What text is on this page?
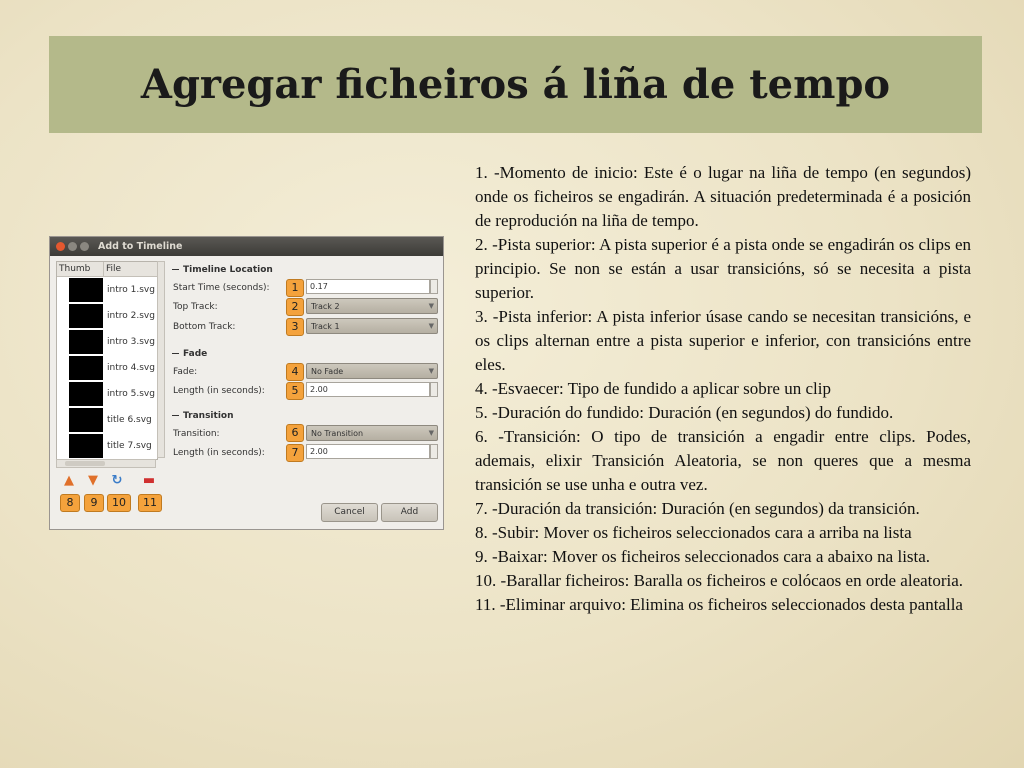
Agregar ficheiros á liña de tempo

1. -Momento de inicio: Este é o lugar na liña de tempo (en segundos) onde os ficheiros se engadirán. A situación predeterminada é a posición de reprodución na liña de tempo.

2. -Pista superior: A pista superior é a pista onde se engadirán os clips en principio. Se non se están a usar transicións, só se necesita a pista superior.

3. -Pista inferior: A pista inferior úsase cando se necesitan transicións, e os clips alternan entre a pista superior e inferior, con transicións entre eles.

4. -Esvaecer: Tipo de fundido a aplicar sobre un clip

5. -Duración do fundido: Duración (en segundos) do fundido.

6. -Transición: O tipo de transición a engadir entre clips. Podes, ademais, elixir Transición Aleatoria, se non queres que a mesma transición se use unha e outra vez.

7. -Duración da transición: Duración (en segundos) da transición.

8. -Subir: Mover os ficheiros seleccionados cara a arriba na lista

9. -Baixar: Mover os ficheiros seleccionados cara a abaixo na lista.

10. -Barallar ficheiros: Baralla os ficheiros e colócaos en orde aleatoria.

11. -Eliminar arquivo: Elimina os ficheiros seleccionados desta pantalla

Add to Timeline
Thumb	File
intro 1.svg
intro 2.svg
intro 3.svg
intro 4.svg
intro 5.svg
title 6.svg
title 7.svg
Timeline Location
Start Time (seconds):	1	0.17
Top Track:	2	Track 2	▼
Bottom Track:	3	Track 1	▼
Fade
Fade:	4	No Fade	▼
Length (in seconds):	5	2.00
Transition
Transition:	6	No Transition	▼
Length (in seconds):	7	2.00
▲ ▼ ↻ ▬
8	9	10	11
Cancel	Add
